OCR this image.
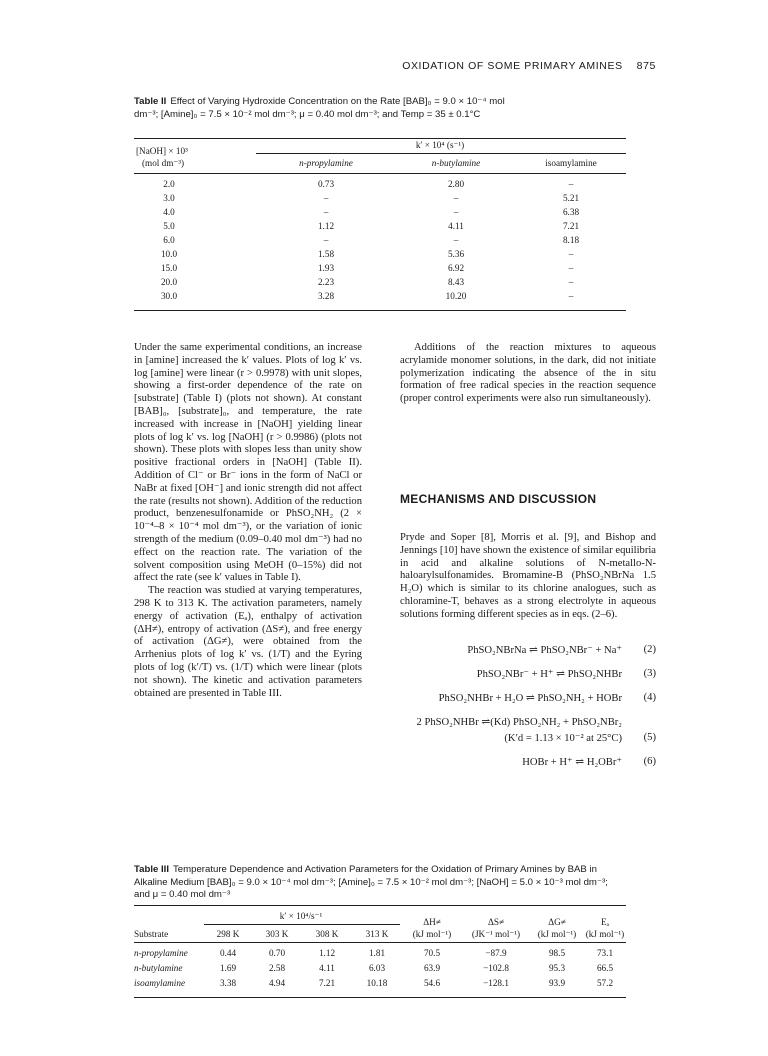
OXIDATION OF SOME PRIMARY AMINES 875
Table II Effect of Varying Hydroxide Concentration on the Rate [BAB]₀ = 9.0 × 10⁻⁴ mol
dm⁻³; [Amine]₀ = 7.5 × 10⁻² mol dm⁻³; μ = 0.40 mol dm⁻³; and Temp = 35 ± 0.1°C
[NaOH] × 10³
(mol dm⁻³)
k′ × 10⁴ (s⁻¹)
n-propylamine	n-butylamine	isoamylamine
2.0	0.73	2.80	–
3.0	–	–	5.21
4.0	–	–	6.38
5.0	1.12	4.11	7.21
6.0	–	–	8.18
10.0	1.58	5.36	–
15.0	1.93	6.92	–
20.0	2.23	8.43	–
30.0	3.28	10.20	–

Under the same experimental conditions, an increase in [amine] increased the k′ values. Plots of log k′ vs. log [amine] were linear (r > 0.9978) with unit slopes, showing a first-order dependence of the rate on [substrate] (Table I) (plots not shown). At constant [BAB]₀, [substrate]₀, and temperature, the rate increased with increase in [NaOH] yielding linear plots of log k′ vs. log [NaOH] (r > 0.9986) (plots not shown). These plots with slopes less than unity show positive fractional orders in [NaOH] (Table II). Addition of Cl⁻ or Br⁻ ions in the form of NaCl or NaBr at fixed [OH⁻] and ionic strength did not affect the rate (results not shown). Addition of the reduction product, benzenesulfonamide or PhSO₂NH₂ (2 × 10⁻⁴–8 × 10⁻⁴ mol dm⁻³), or the variation of ionic strength of the medium (0.09–0.40 mol dm⁻³) had no effect on the reaction rate. The variation of the solvent composition using MeOH (0–15%) did not affect the rate (see k′ values in Table I).

The reaction was studied at varying temperatures, 298 K to 313 K. The activation parameters, namely energy of activation (Eₐ), enthalpy of activation (ΔH≠), entropy of activation (ΔS≠), and free energy of activation (ΔG≠), were obtained from the Arrhenius plots of log k′ vs. (1/T) and the Eyring plots of log (k′/T) vs. (1/T) which were linear (plots not shown). The kinetic and activation parameters obtained are presented in Table III.

Additions of the reaction mixtures to aqueous acrylamide monomer solutions, in the dark, did not initiate polymerization indicating the absence of the in situ formation of free radical species in the reaction sequence (proper control experiments were also run simultaneously).

MECHANISMS AND DISCUSSION

Pryde and Soper [8], Morris et al. [9], and Bishop and Jennings [10] have shown the existence of similar equilibria in acid and alkaline solutions of N-metallo-N-haloarylsulfonamides. Bromamine-B (PhSO₂NBrNa 1.5 H₂O) which is similar to its chlorine analogues, such as chloramine-T, behaves as a strong electrolyte in aqueous solutions forming different species as in eqs. (2–6).

PhSO₂NBrNa ⇌ PhSO₂NBr⁻ + Na⁺ (2)
PhSO₂NBr⁻ + H⁺ ⇌ PhSO₂NHBr (3)
PhSO₂NHBr + H₂O ⇌ PhSO₂NH₂ + HOBr (4)
2 PhSO₂NHBr ⇌(Kd) PhSO₂NH₂ + PhSO₂NBr₂
(K′d = 1.13 × 10⁻² at 25°C) (5)
HOBr + H⁺ ⇌ H₂OBr⁺ (6)
Table III Temperature Dependence and Activation Parameters for the Oxidation of Primary Amines by BAB in
Alkaline Medium [BAB]₀ = 9.0 × 10⁻⁴ mol dm⁻³; [Amine]₀ = 7.5 × 10⁻² mol dm⁻³; [NaOH] = 5.0 × 10⁻³ mol dm⁻³;
and μ = 0.40 mol dm⁻³
k′ × 10⁴/s⁻¹
ΔH≠	ΔS≠	ΔG≠	Eₐ
Substrate	298 K	303 K	308 K	313 K	(kJ mol⁻¹)	(JK⁻¹ mol⁻¹)	(kJ mol⁻¹)	(kJ mol⁻¹)
n-propylamine	0.44	0.70	1.12	1.81	70.5	−87.9	98.5	73.1
n-butylamine	1.69	2.58	4.11	6.03	63.9	−102.8	95.3	66.5
isoamylamine	3.38	4.94	7.21	10.18	54.6	−128.1	93.9	57.2
